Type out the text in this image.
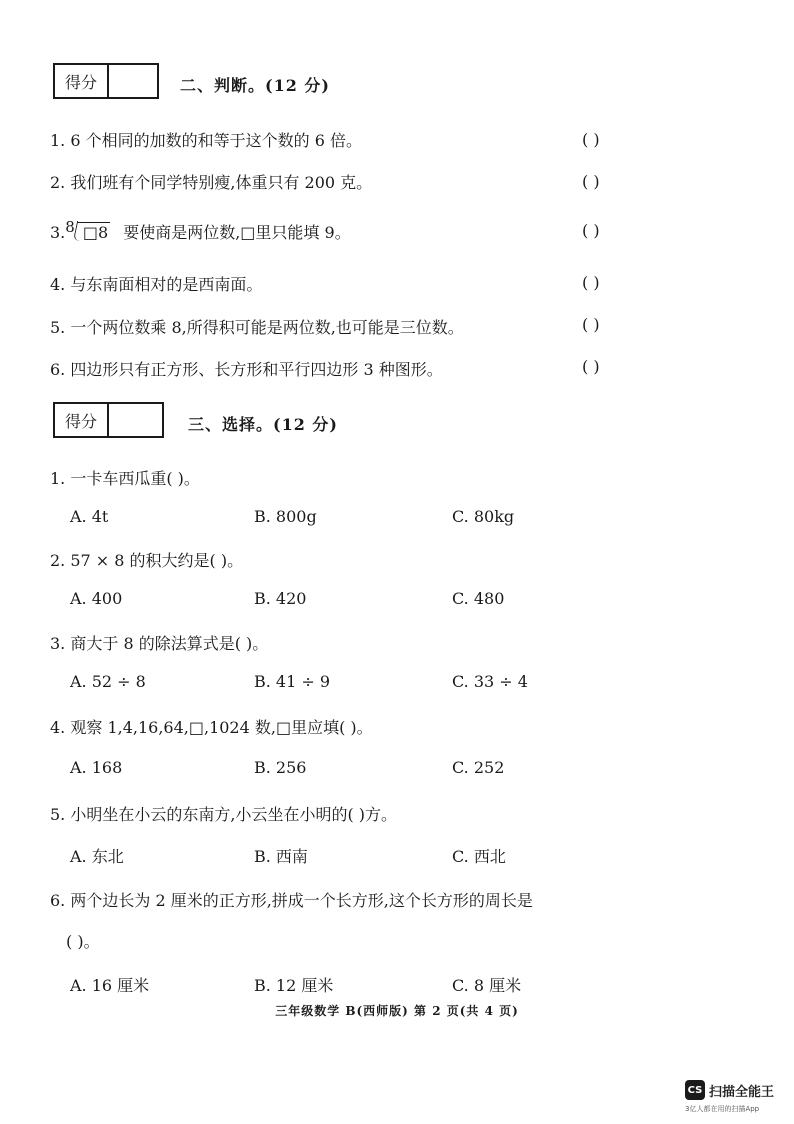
得分	二、判断。(12 分)
1. 6 个相同的加数的和等于这个数的 6 倍。	( )
2. 我们班有个同学特别瘦,体重只有 200 克。	( )
3.8 □8 要使商是两位数,□里只能填 9。	( )
4. 与东南面相对的是西南面。	( )
5. 一个两位数乘 8,所得积可能是两位数,也可能是三位数。	( )
6. 四边形只有正方形、长方形和平行四边形 3 种图形。	( )
得分	三、选择。(12 分)
1. 一卡车西瓜重( )。
A. 4t	B. 800g	C. 80kg
2. 57 × 8 的积大约是( )。
A. 400	B. 420	C. 480
3. 商大于 8 的除法算式是( )。
A. 52 ÷ 8	B. 41 ÷ 9	C. 33 ÷ 4
4. 观察 1,4,16,64,□,1024 数,□里应填( )。
A. 168	B. 256	C. 252
5. 小明坐在小云的东南方,小云坐在小明的( )方。
A. 东北	B. 西南	C. 西北
6. 两个边长为 2 厘米的正方形,拼成一个长方形,这个长方形的周长是
( )。
A. 16 厘米	B. 12 厘米	C. 8 厘米
三年级数学 B(西师版) 第 2 页(共 4 页)
CS 扫描全能王
3亿人都在用的扫描App
